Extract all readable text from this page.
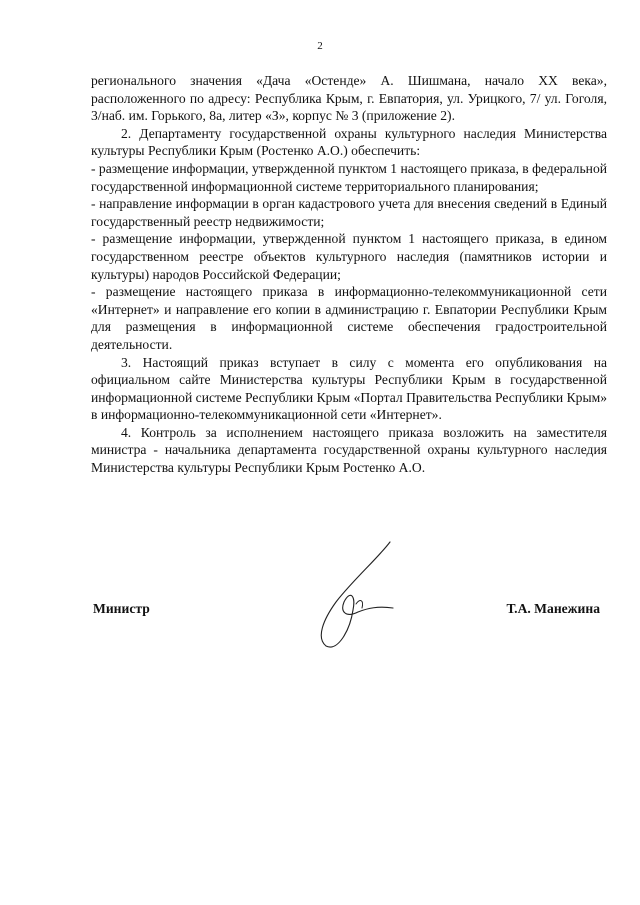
2

регионального значения «Дача «Остенде» А. Шишмана, начало XX века», расположенного по адресу: Республика Крым, г. Евпатория, ул. Урицкого, 7/ ул. Гоголя, 3/наб. им. Горького, 8а, литер «З», корпус № 3 (приложение 2).

2. Департаменту государственной охраны культурного наследия Министерства культуры Республики Крым (Ростенко А.О.) обеспечить:

- размещение информации, утвержденной пунктом 1 настоящего приказа, в федеральной государственной информационной системе территориального планирования;

- направление информации в орган кадастрового учета для внесения сведений в Единый государственный реестр недвижимости;

- размещение информации, утвержденной пунктом 1 настоящего приказа, в едином государственном реестре объектов культурного наследия (памятников истории и культуры) народов Российской Федерации;

- размещение настоящего приказа в информационно-телекоммуникационной сети «Интернет» и направление его копии в администрацию г. Евпатории Республики Крым для размещения в информационной системе обеспечения градостроительной деятельности.

3. Настоящий приказ вступает в силу с момента его опубликования на официальном сайте Министерства культуры Республики Крым в государственной информационной системе Республики Крым «Портал Правительства Республики Крым» в информационно-телекоммуникационной сети «Интернет».

4. Контроль за исполнением настоящего приказа возложить на заместителя министра - начальника департамента государственной охраны культурного наследия Министерства культуры Республики Крым Ростенко А.О.

Министр	Т.А. Манежина
